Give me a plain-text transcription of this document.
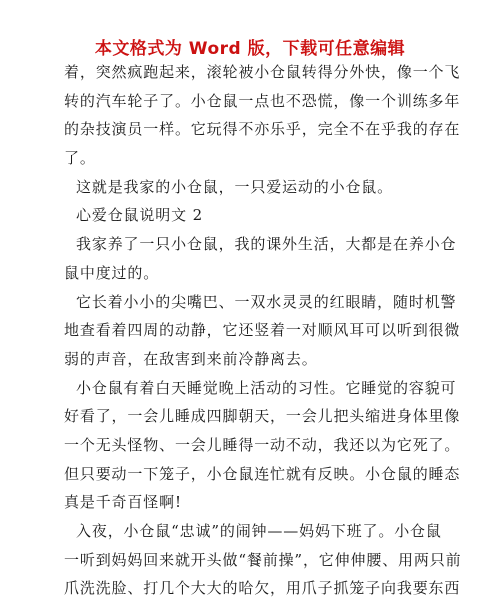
本文格式为 Word 版，下载可任意编辑
着，突然疯跑起来，滚轮被小仓鼠转得分外快，像一个飞
转的汽车轮子了。小仓鼠一点也不恐慌，像一个训练多年
的杂技演员一样。它玩得不亦乐乎，完全不在乎我的存在
了。
这就是我家的小仓鼠，一只爱运动的小仓鼠。
心爱仓鼠说明文 2
我家养了一只小仓鼠，我的课外生活，大都是在养小仓
鼠中度过的。
它长着小小的尖嘴巴、一双水灵灵的红眼睛，随时机警
地查看着四周的动静，它还竖着一对顺风耳可以听到很微
弱的声音，在敌害到来前冷静离去。
小仓鼠有着白天睡觉晚上活动的习性。它睡觉的容貌可
好看了，一会儿睡成四脚朝天，一会儿把头缩进身体里像
一个无头怪物、一会儿睡得一动不动，我还以为它死了。
但只要动一下笼子，小仓鼠连忙就有反映。小仓鼠的睡态
真是千奇百怪啊!
入夜，小仓鼠“忠诚”的闹钟——妈妈下班了。小仓鼠
一听到妈妈回来就开头做“餐前操”，它伸伸腰、用两只前
爪洗洗脸、打几个大大的哈欠，用爪子抓笼子向我要东西
